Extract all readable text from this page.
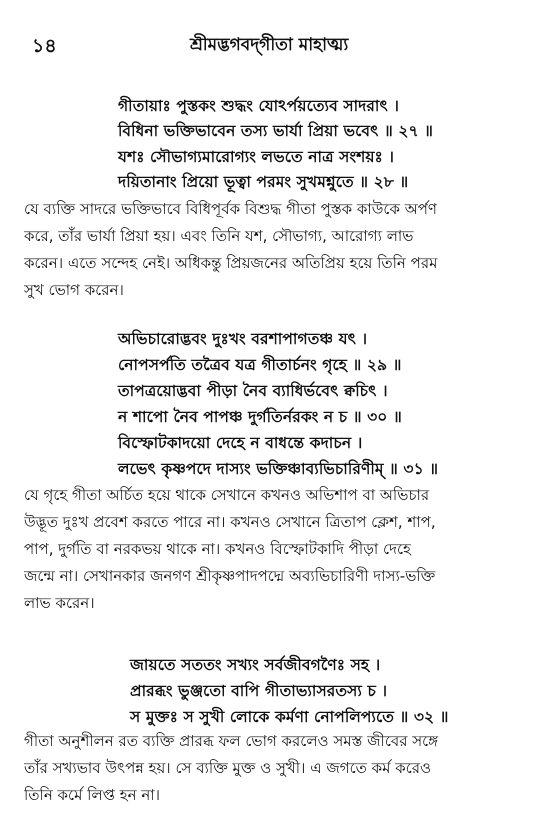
১৪	শ্রীমদ্ভগবদ্‌গীতা মাহাত্ম্য
গীতায়াঃ পুস্তকং শুদ্ধং যোঽর্পয়ত্যেব সাদরাৎ ।
বিধিনা ভক্তিভাবেন তস্য ভার্যা প্রিয়া ভবেৎ ॥ ২৭ ॥
যশঃ সৌভাগ্যমারোগ্যং লভতে নাত্র সংশয়ঃ ।
দয়িতানাং প্রিয়ো ভূত্বা পরমং সুখমশ্নুতে ॥ ২৮ ॥
যে ব্যক্তি সাদরে ভক্তিভাবে বিধিপূর্বক বিশুদ্ধ গীতা পুস্তক কাউকে অর্পণ
করে, তাঁর ভার্যা প্রিয়া হয়। এবং তিনি যশ, সৌভাগ্য, আরোগ্য লাভ
করেন। এতে সন্দেহ নেই। অধিকন্তু প্রিয়জনের অতিপ্রিয় হয়ে তিনি পরম
সুখ ভোগ করেন।
অভিচারোদ্ভবং দুঃখং বরশাপাগতঞ্চ যৎ ।
নোপসর্পতি তত্রৈব যত্র গীতার্চনং গৃহে ॥ ২৯ ॥
তাপত্রয়োদ্ভবা পীড়া নৈব ব্যাধির্ভবেৎ ক্বচিৎ ।
ন শাপো নৈব পাপঞ্চ দুর্গতির্নরকং ন চ ॥ ৩০ ॥
বিস্ফোটকাদয়ো দেহে ন বাধন্তে কদাচন ।
লভেৎ কৃষ্ণপদে দাস্যং ভক্তিঞ্চাব্যভিচারিণীম্‌ ॥ ৩১ ॥
যে গৃহে গীতা অর্চিত হয়ে থাকে সেখানে কখনও অভিশাপ বা অভিচার
উদ্ভূত দুঃখ প্রবেশ করতে পারে না। কখনও সেখানে ত্রিতাপ ক্লেশ, শাপ,
পাপ, দুর্গতি বা নরকভয় থাকে না। কখনও বিস্ফোটকাদি পীড়া দেহে
জন্মে না। সেখানকার জনগণ শ্রীকৃষ্ণপাদপদ্মে অব্যভিচারিণী দাস্য-ভক্তি
লাভ করেন।
জায়তে সততং সখ্যং সর্বজীবগণৈঃ সহ ।
প্রারব্ধং ভুঞ্জতো বাপি গীতাভ্যাসরতস্য চ ।
স মুক্তঃ স সুখী লোকে কর্মণা নোপলিপ্যতে ॥ ৩২ ॥
গীতা অনুশীলন রত ব্যক্তি প্রারব্ধ ফল ভোগ করলেও সমস্ত জীবের সঙ্গে
তাঁর সখ্যভাব উৎপন্ন হয়। সে ব্যক্তি মুক্ত ও সুখী। এ জগতে কর্ম করেও
তিনি কর্মে লিপ্ত হন না।
